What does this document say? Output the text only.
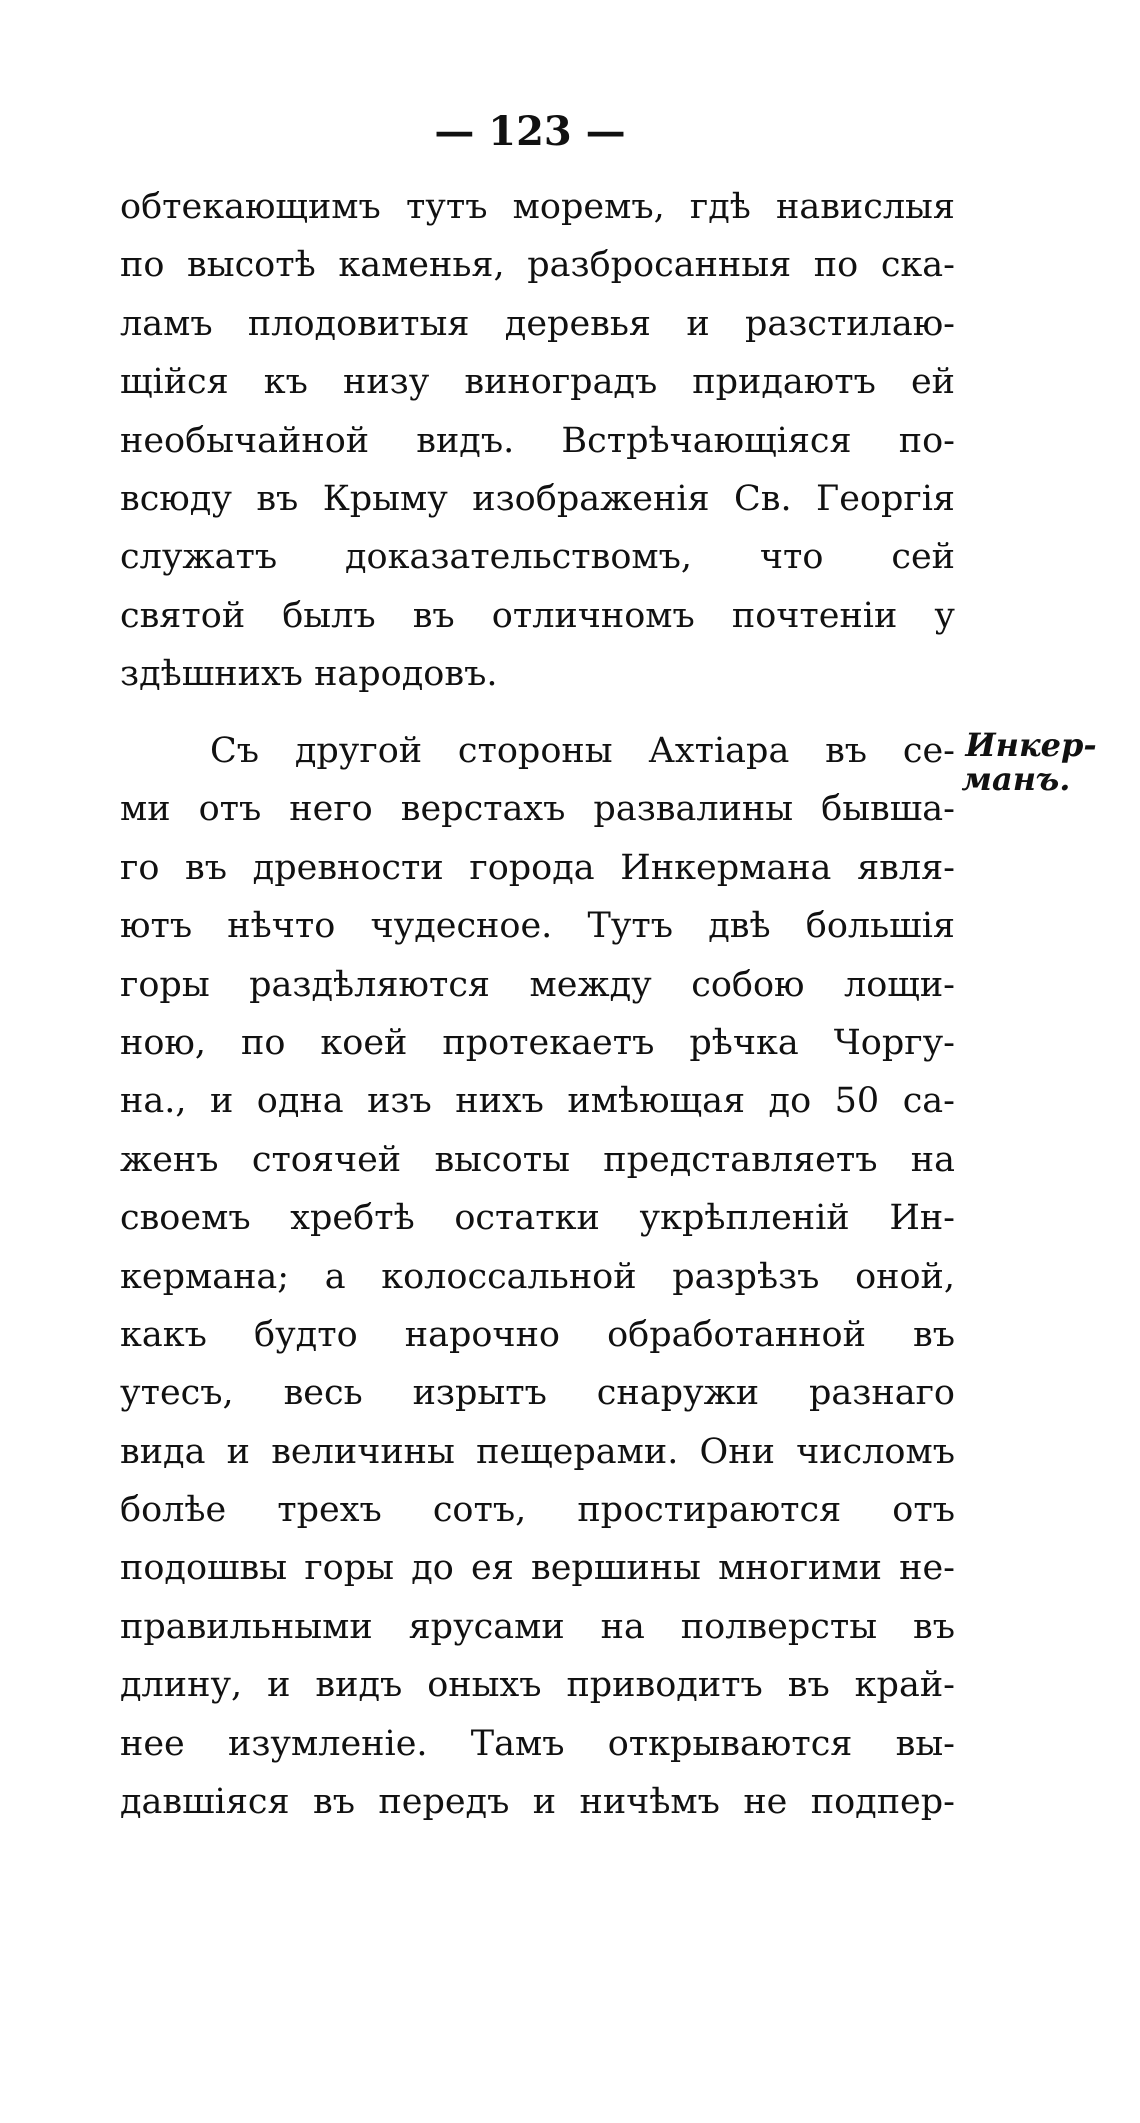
— 123 —
обтекающимъ тутъ моремъ, гдѣ навислыя
по высотѣ каменья, разбросанныя по ска-
ламъ плодовитыя деревья и разстилаю-
щійся къ низу виноградъ придаютъ ей
необычайной видъ. Встрѣчающіяся по-
всюду въ Крыму изображенія Св. Георгія
служатъ доказательствомъ, что сей
святой былъ въ отличномъ почтеніи у
здѣшнихъ народовъ.
Съ другой стороны Ахтіара въ се-
ми отъ него верстахъ развалины бывша-
го въ древности города Инкермана явля-
ютъ нѣчто чудесное. Тутъ двѣ большія
горы раздѣляются между собою лощи-
ною, по коей протекаетъ рѣчка Чоргу-
на., и одна изъ нихъ имѣющая до 50 са-
женъ стоячей высоты представляетъ на
своемъ хребтѣ остатки укрѣпленій Ин-
кермана; а колоссальной разрѣзъ оной,
какъ будто нарочно обработанной въ
утесъ, весь изрытъ снаружи разнаго
вида и величины пещерами. Они числомъ
болѣе трехъ сотъ, простираются отъ
подошвы горы до ея вершины многими не-
правильными ярусами на полверсты въ
длину, и видъ оныхъ приводитъ въ край-
нее изумленіе. Тамъ открываются вы-
давшіяся въ передъ и ничѣмъ не подпер-
Инкер-
манъ.
